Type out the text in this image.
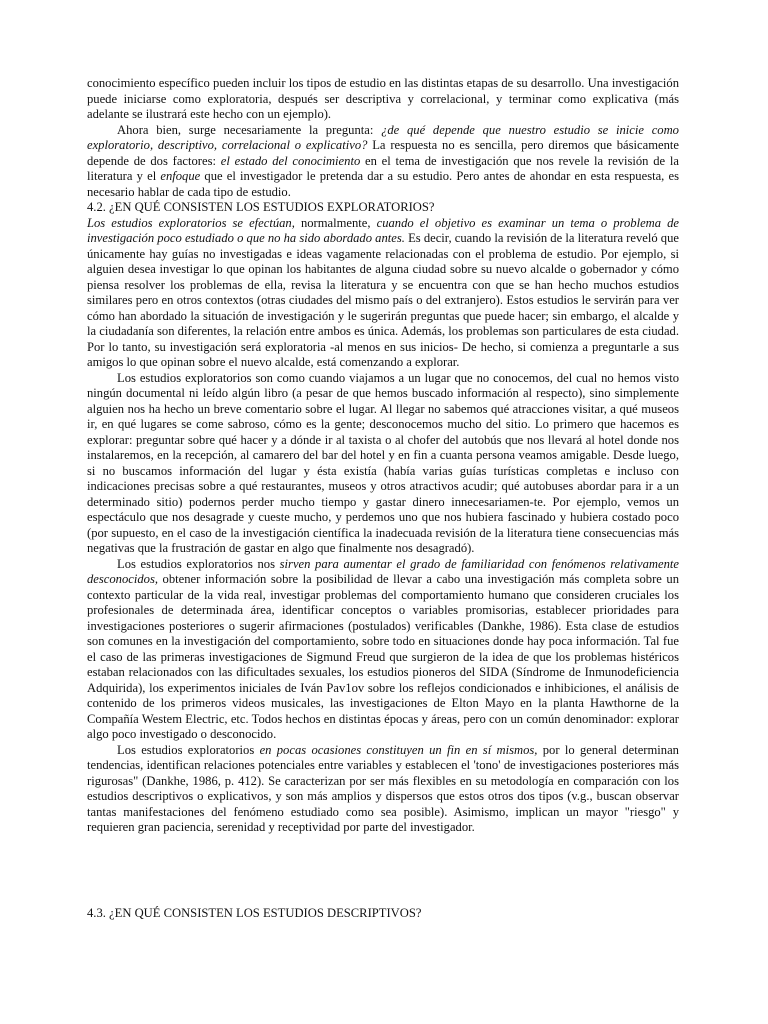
conocimiento específico pueden incluir los tipos de estudio en las distintas etapas de su desarrollo. Una investigación puede iniciarse como exploratoria, después ser descriptiva y correlacional, y terminar como explicativa (más adelante se ilustrará este hecho con un ejemplo).

Ahora bien, surge necesariamente la pregunta: ¿de qué depende que nuestro estudio se inicie como exploratorio, descriptivo, correlacional o explicativo? La respuesta no es sencilla, pero diremos que básicamente depende de dos factores: el estado del conocimiento en el tema de investigación que nos revele la revisión de la literatura y el enfoque que el investigador le pretenda dar a su estudio. Pero antes de ahondar en esta respuesta, es necesario hablar de cada tipo de estudio.

4.2. ¿EN QUÉ CONSISTEN LOS ESTUDIOS EXPLORATORIOS?

Los estudios exploratorios se efectúan, normalmente, cuando el objetivo es examinar un tema o problema de investigación poco estudiado o que no ha sido abordado antes. Es decir, cuando la revisión de la literatura reveló que únicamente hay guías no investigadas e ideas vagamente relacionadas con el problema de estudio. Por ejemplo, si alguien desea investigar lo que opinan los habitantes de alguna ciudad sobre su nuevo alcalde o gobernador y cómo piensa resolver los problemas de ella, revisa la literatura y se encuentra con que se han hecho muchos estudios similares pero en otros contextos (otras ciudades del mismo país o del extranjero). Estos estudios le servirán para ver cómo han abordado la situación de investigación y le sugerirán preguntas que puede hacer; sin embargo, el alcalde y la ciudadanía son diferentes, la relación entre ambos es única. Además, los problemas son particulares de esta ciudad. Por lo tanto, su investigación será exploratoria -al menos en sus inicios- De hecho, si comienza a preguntarle a sus amigos lo que opinan sobre el nuevo alcalde, está comenzando a explorar.

Los estudios exploratorios son como cuando viajamos a un lugar que no conocemos, del cual no hemos visto ningún documental ni leído algún libro (a pesar de que hemos buscado información al respecto), sino simplemente alguien nos ha hecho un breve comentario sobre el lugar. Al llegar no sabemos qué atracciones visitar, a qué museos ir, en qué lugares se come sabroso, cómo es la gente; desconocemos mucho del sitio. Lo primero que hacemos es explorar: preguntar sobre qué hacer y a dónde ir al taxista o al chofer del autobús que nos llevará al hotel donde nos instalaremos, en la recepción, al camarero del bar del hotel y en fin a cuanta persona veamos amigable. Desde luego, si no buscamos información del lugar y ésta existía (había varias guías turísticas completas e incluso con indicaciones precisas sobre a qué restaurantes, museos y otros atractivos acudir; qué autobuses abordar para ir a un determinado sitio) podernos perder mucho tiempo y gastar dinero innecesariamen-te. Por ejemplo, vemos un espectáculo que nos desagrade y cueste mucho, y perdemos uno que nos hubiera fascinado y hubiera costado poco (por supuesto, en el caso de la investigación científica la inadecuada revisión de la literatura tiene consecuencias más negativas que la frustración de gastar en algo que finalmente nos desagradó).

Los estudios exploratorios nos sirven para aumentar el grado de familiaridad con fenómenos relativamente desconocidos, obtener información sobre la posibilidad de llevar a cabo una investigación más completa sobre un contexto particular de la vida real, investigar problemas del comportamiento humano que consideren cruciales los profesionales de determinada área, identificar conceptos o variables promisorias, establecer prioridades para investigaciones posteriores o sugerir afirmaciones (postulados) verificables (Dankhe, 1986). Esta clase de estudios son comunes en la investigación del comportamiento, sobre todo en situaciones donde hay poca información. Tal fue el caso de las primeras investigaciones de Sigmund Freud que surgieron de la idea de que los problemas histéricos estaban relacionados con las dificultades sexuales, los estudios pioneros del SIDA (Síndrome de Inmunodeficiencia Adquirida), los experimentos iniciales de Iván Pav1ov sobre los reflejos condicionados e inhibiciones, el análisis de contenido de los primeros videos musicales, las investigaciones de Elton Mayo en la planta Hawthorne de la Compañía Westem Electric, etc. Todos hechos en distintas épocas y áreas, pero con un común denominador: explorar algo poco investigado o desconocido.

Los estudios exploratorios en pocas ocasiones constituyen un fin en sí mismos, por lo general determinan tendencias, identifican relaciones potenciales entre variables y establecen el 'tono' de investigaciones posteriores más rigurosas" (Dankhe, 1986, p. 412). Se caracterizan por ser más flexibles en su metodología en comparación con los estudios descriptivos o explicativos, y son más amplios y dispersos que estos otros dos tipos (v.g., buscan observar tantas manifestaciones del fenómeno estudiado como sea posible). Asimismo, implican un mayor "riesgo" y requieren gran paciencia, serenidad y receptividad por parte del investigador.

4.3. ¿EN QUÉ CONSISTEN LOS ESTUDIOS DESCRIPTIVOS?
